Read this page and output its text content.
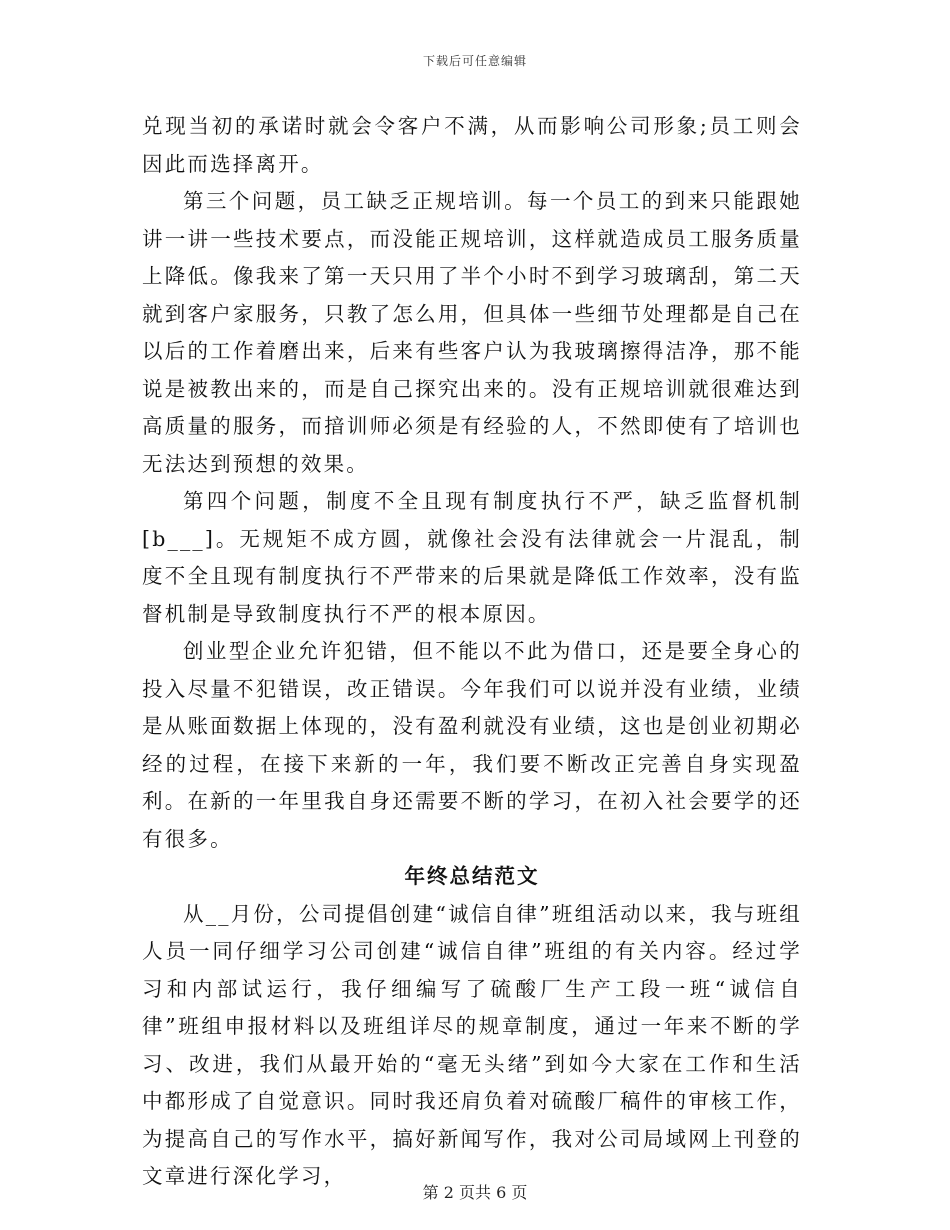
下载后可任意编辑

兑现当初的承诺时就会令客户不满，从而影响公司形象;员工则会因此而选择离开。

第三个问题，员工缺乏正规培训。每一个员工的到来只能跟她讲一讲一些技术要点，而没能正规培训，这样就造成员工服务质量上降低。像我来了第一天只用了半个小时不到学习玻璃刮，第二天就到客户家服务，只教了怎么用，但具体一些细节处理都是自己在以后的工作着磨出来，后来有些客户认为我玻璃擦得洁净，那不能说是被教出来的，而是自己探究出来的。没有正规培训就很难达到高质量的服务，而揞训师必须是有经验的人，不然即使有了培训也无法达到预想的效果。

第四个问题，制度不全且现有制度执行不严，缺乏监督机制[b___]。无规矩不成方圆，就像社会没有法律就会一片混乱，制度不全且现有制度执行不严带来的后果就是降低工作效率，没有监督机制是导致制度执行不严的根本原因。

创业型企业允许犯错，但不能以不此为借口，还是要全身心的投入尽量不犯错误，改正错误。今年我们可以说并没有业绩，业绩是从账面数据上体现的，没有盈利就没有业绩，这也是创业初期必经的过程，在接下来新的一年，我们要不断改正完善自身实现盈利。在新的一年里我自身还需要不断的学习，在初入社会要学的还有很多。

年终总结范文

从__月份，公司提倡创建“诚信自律”班组活动以来，我与班组人员一同仔细学习公司创建“诚信自律”班组的有关内容。经过学习和内部试运行，我仔细编写了硫酸厂生产工段一班“诚信自律”班组申报材料以及班组详尽的规章制度，通过一年来不断的学习、改进，我们从最开始的“毫无头绪”到如今大家在工作和生活中都形成了自觉意识。同时我还肩负着对硫酸厂稿件的审核工作，为提高自己的写作水平，搞好新闻写作，我对公司局域网上刊登的文章进行深化学习，

第 2 页共 6 页
